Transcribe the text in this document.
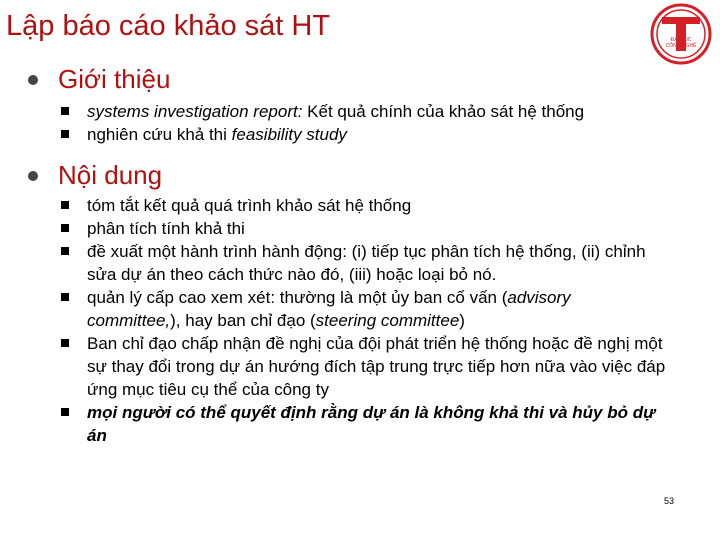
Lập báo cáo khảo sát HT	ĐẠI HỌC
CÔNG NGHỆ
Giới thiệu
systems investigation report: Kết quả chính của khảo sát hệ thống
nghiên cứu khả thi feasibility study
Nội dung
tóm tắt kết quả quá trình khảo sát hệ thống
phân tích tính khả thi
đề xuất một hành trình hành động: (i) tiếp tục phân tích hệ thống, (ii) chỉnh sửa dự án theo cách thức nào đó, (iii) hoặc loại bỏ nó.
quản lý cấp cao xem xét: thường là một ủy ban cố vấn (advisory committee,), hay ban chỉ đạo (steering committee)
Ban chỉ đạo chấp nhận đề nghị của đội phát triển hệ thống hoặc đề nghị một sự thay đổi trong dự án hướng đích tập trung trực tiếp hơn nữa vào việc đáp ứng mục tiêu cụ thể của công ty
mọi người có thể quyết định rằng dự án là không khả thi và hủy bỏ dự án
53
